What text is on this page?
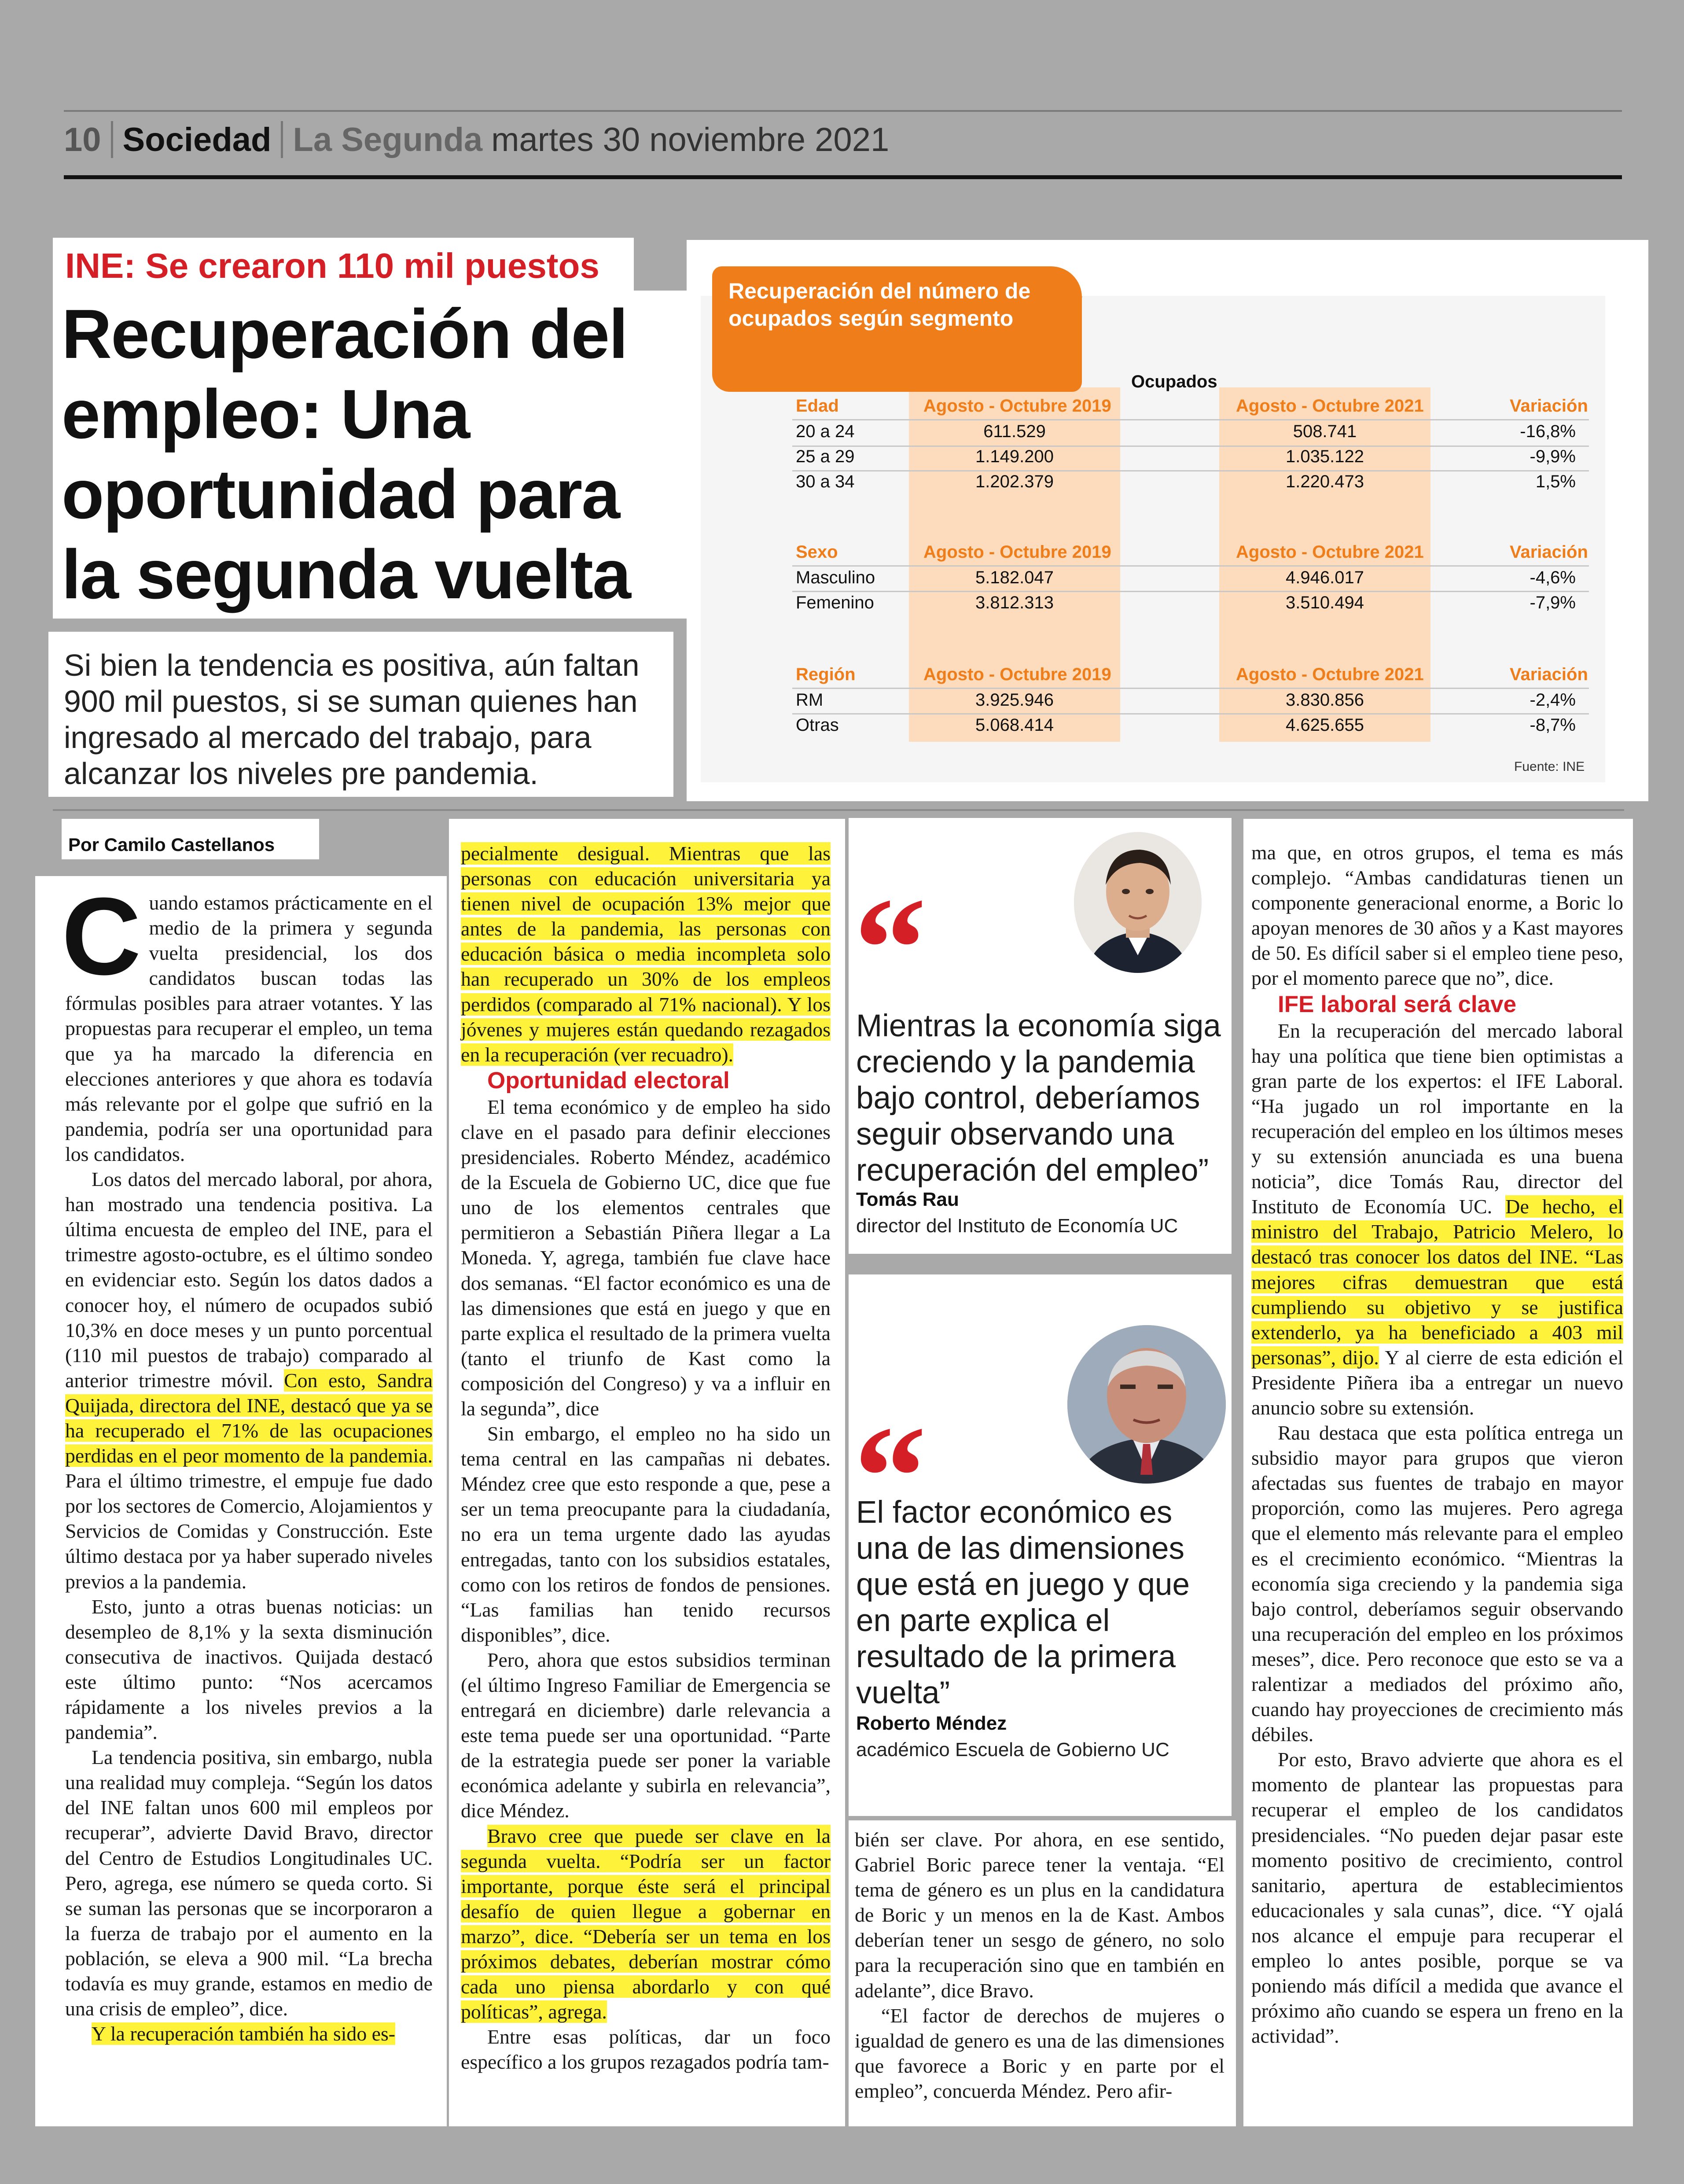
10 Sociedad La Segunda martes 30 noviembre 2021
INE: Se crearon 110 mil puestos
Recuperación del empleo: Una oportunidad para la segunda vuelta
Si bien la tendencia es positiva, aún faltan 900 mil puestos, si se suman quienes han ingresado al mercado del trabajo, para alcanzar los niveles pre pandemia.
Recuperación del número de ocupados según segmento
Ocupados
Edad	Agosto - Octubre 2019	Agosto - Octubre 2021	Variación
20 a 24	611.529	508.741	-16,8%
25 a 29	1.149.200	1.035.122	-9,9%
30 a 34	1.202.379	1.220.473	1,5%
Sexo	Agosto - Octubre 2019	Agosto - Octubre 2021	Variación
Masculino	5.182.047	4.946.017	-4,6%
Femenino	3.812.313	3.510.494	-7,9%
Región	Agosto - Octubre 2019	Agosto - Octubre 2021	Variación
RM	3.925.946	3.830.856	-2,4%
Otras	5.068.414	4.625.655	-8,7%
Fuente: INE
Por Camilo Castellanos

Cuando estamos prácticamente en el medio de la primera y segunda vuelta presidencial, los dos candidatos buscan todas las fórmulas posibles para atraer votantes. Y las propuestas para recuperar el empleo, un tema que ya ha marcado la diferencia en elecciones anteriores y que ahora es todavía más relevante por el golpe que sufrió en la pandemia, podría ser una oportunidad para los candidatos.

Los datos del mercado laboral, por ahora, han mostrado una tendencia positiva. La última encuesta de empleo del INE, para el trimestre agosto-octubre, es el último sondeo en evidenciar esto. Según los datos dados a conocer hoy, el número de ocupados subió 10,3% en doce meses y un punto porcentual (110 mil puestos de trabajo) comparado al anterior trimestre móvil. Con esto, Sandra Quijada, directora del INE, destacó que ya se ha recuperado el 71% de las ocupaciones perdidas en el peor momento de la pandemia. Para el último trimestre, el empuje fue dado por los sectores de Comercio, Alojamientos y Servicios de Comidas y Construcción. Este último destaca por ya haber superado niveles previos a la pandemia.

Esto, junto a otras buenas noticias: un desempleo de 8,1% y la sexta disminución consecutiva de inactivos. Quijada destacó este último punto: “Nos acercamos rápidamente a los niveles previos a la pandemia”.

La tendencia positiva, sin embargo, nubla una realidad muy compleja. “Según los datos del INE faltan unos 600 mil empleos por recuperar”, advierte David Bravo, director del Centro de Estudios Longitudinales UC. Pero, agrega, ese número se queda corto. Si se suman las personas que se incorporaron a la fuerza de trabajo por el aumento en la población, se eleva a 900 mil. “La brecha todavía es muy grande, estamos en medio de una crisis de empleo”, dice.

Y la recuperación también ha sido es-

pecialmente desigual. Mientras que las personas con educación universitaria ya tienen nivel de ocupación 13% mejor que antes de la pandemia, las personas con educación básica o media incompleta solo han recuperado un 30% de los empleos perdidos (comparado al 71% nacional). Y los jóvenes y mujeres están quedando rezagados en la recuperación (ver recuadro).

Oportunidad electoral

El tema económico y de empleo ha sido clave en el pasado para definir elecciones presidenciales. Roberto Méndez, académico de la Escuela de Gobierno UC, dice que fue uno de los elementos centrales que permitieron a Sebastián Piñera llegar a La Moneda. Y, agrega, también fue clave hace dos semanas. “El factor económico es una de las dimensiones que está en juego y que en parte explica el resultado de la primera vuelta (tanto el triunfo de Kast como la composición del Congreso) y va a influir en la segunda”, dice

Sin embargo, el empleo no ha sido un tema central en las campañas ni debates. Méndez cree que esto responde a que, pese a ser un tema preocupante para la ciudadanía, no era un tema urgente dado las ayudas entregadas, tanto con los subsidios estatales, como con los retiros de fondos de pensiones. “Las familias han tenido recursos disponibles”, dice.

Pero, ahora que estos subsidios terminan (el último Ingreso Familiar de Emergencia se entregará en diciembre) darle relevancia a este tema puede ser una oportunidad. “Parte de la estrategia puede ser poner la variable económica adelante y subirla en relevancia”, dice Méndez.

Bravo cree que puede ser clave en la segunda vuelta. “Podría ser un factor importante, porque éste será el principal desafío de quien llegue a gobernar en marzo”, dice. “Debería ser un tema en los próximos debates, deberían mostrar cómo cada uno piensa abordarlo y con qué políticas”, agrega.

Entre esas políticas, dar un foco específico a los grupos rezagados podría tam-

“
Mientras la economía siga creciendo y la pandemia bajo control, deberíamos seguir observando una recuperación del empleo”
Tomás Rau
director del Instituto de Economía UC
“
El factor económico es una de las dimensiones que está en juego y que en parte explica el resultado de la primera vuelta”
Roberto Méndez
académico Escuela de Gobierno UC

bién ser clave. Por ahora, en ese sentido, Gabriel Boric parece tener la ventaja. “El tema de género es un plus en la candidatura de Boric y un menos en la de Kast. Ambos deberían tener un sesgo de género, no solo para la recuperación sino que en también en adelante”, dice Bravo.

“El factor de derechos de mujeres o igualdad de genero es una de las dimensiones que favorece a Boric y en parte por el empleo”, concuerda Méndez. Pero afir-

ma que, en otros grupos, el tema es más complejo. “Ambas candidaturas tienen un componente generacional enorme, a Boric lo apoyan menores de 30 años y a Kast mayores de 50. Es difícil saber si el empleo tiene peso, por el momento parece que no”, dice.

IFE laboral será clave

En la recuperación del mercado laboral hay una política que tiene bien optimistas a gran parte de los expertos: el IFE Laboral. “Ha jugado un rol importante en la recuperación del empleo en los últimos meses y su extensión anunciada es una buena noticia”, dice Tomás Rau, director del Instituto de Economía UC. De hecho, el ministro del Trabajo, Patricio Melero, lo destacó tras conocer los datos del INE. “Las mejores cifras demuestran que está cumpliendo su objetivo y se justifica extenderlo, ya ha beneficiado a 403 mil personas”, dijo. Y al cierre de esta edición el Presidente Piñera iba a entregar un nuevo anuncio sobre su extensión.

Rau destaca que esta política entrega un subsidio mayor para grupos que vieron afectadas sus fuentes de trabajo en mayor proporción, como las mujeres. Pero agrega que el elemento más relevante para el empleo es el crecimiento económico. “Mientras la economía siga creciendo y la pandemia siga bajo control, deberíamos seguir observando una recuperación del empleo en los próximos meses”, dice. Pero reconoce que esto se va a ralentizar a mediados del próximo año, cuando hay proyecciones de crecimiento más débiles.

Por esto, Bravo advierte que ahora es el momento de plantear las propuestas para recuperar el empleo de los candidatos presidenciales. “No pueden dejar pasar este momento positivo de crecimiento, control sanitario, apertura de establecimientos educacionales y sala cunas”, dice. “Y ojalá nos alcance el empuje para recuperar el empleo lo antes posible, porque se va poniendo más difícil a medida que avance el próximo año cuando se espera un freno en la actividad”.
